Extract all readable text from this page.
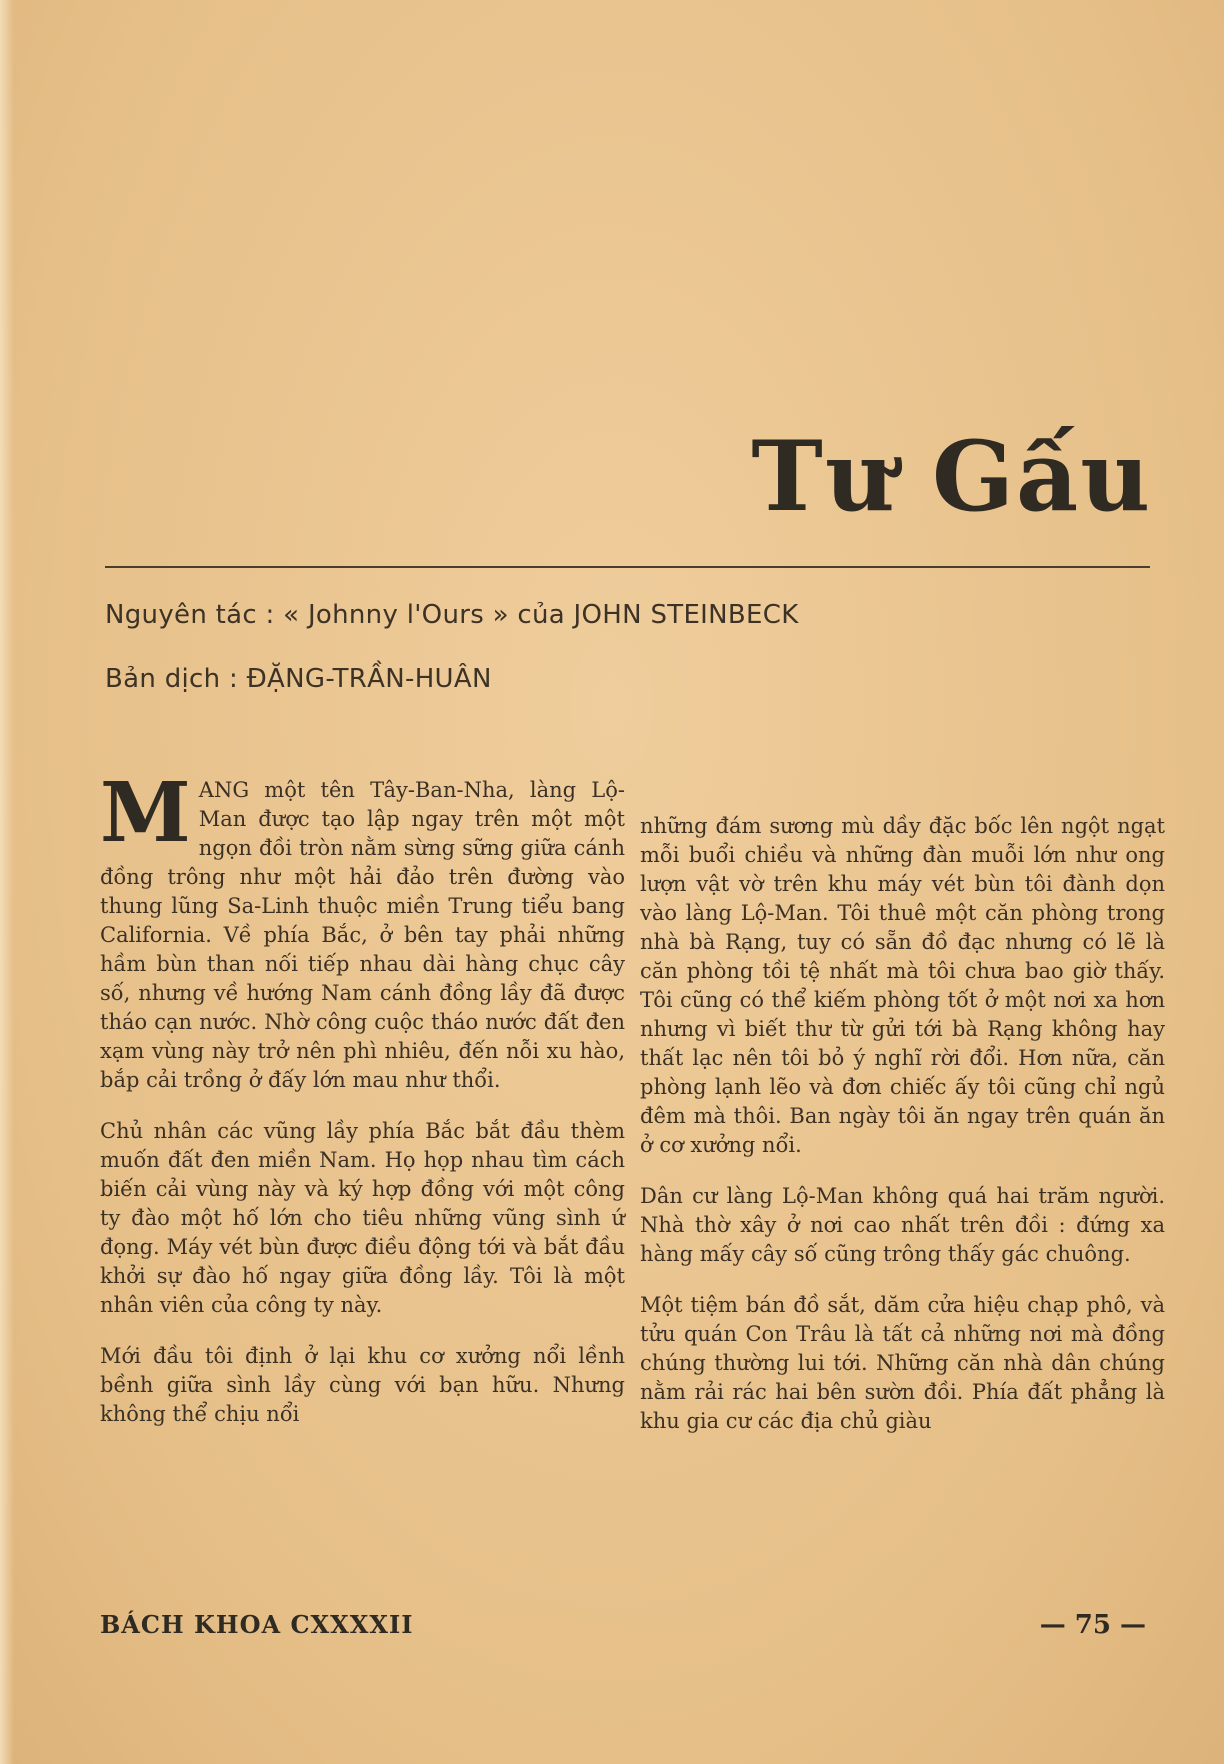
Tư Gấu

Nguyên tác : « Johnny l'Ours » của JOHN STEINBECK

Bản dịch : ĐẶNG-TRẦN-HUÂN

MANG một tên Tây-Ban-Nha, làng Lộ-Man được tạo lập ngay trên một một ngọn đồi tròn nằm sừng sững giữa cánh đồng trông như một hải đảo trên đường vào thung lũng Sa-Linh thuộc miền Trung tiểu bang California. Về phía Bắc, ở bên tay phải những hầm bùn than nối tiếp nhau dài hàng chục cây số, nhưng về hướng Nam cánh đồng lầy đã được tháo cạn nước. Nhờ công cuộc tháo nước đất đen xạm vùng này trở nên phì nhiêu, đến nỗi xu hào, bắp cải trồng ở đấy lớn mau như thổi.

Chủ nhân các vũng lầy phía Bắc bắt đầu thèm muốn đất đen miền Nam. Họ họp nhau tìm cách biến cải vùng này và ký hợp đồng với một công ty đào một hố lớn cho tiêu những vũng sình ứ đọng. Máy vét bùn được điều động tới và bắt đầu khởi sự đào hố ngay giữa đồng lầy. Tôi là một nhân viên của công ty này.

Mới đầu tôi định ở lại khu cơ xưởng nổi lềnh bềnh giữa sình lầy cùng với bạn hữu. Nhưng không thể chịu nổi

những đám sương mù dầy đặc bốc lên ngột ngạt mỗi buổi chiều và những đàn muỗi lớn như ong lượn vật vờ trên khu máy vét bùn tôi đành dọn vào làng Lộ-Man. Tôi thuê một căn phòng trong nhà bà Rạng, tuy có sẵn đồ đạc nhưng có lẽ là căn phòng tồi tệ nhất mà tôi chưa bao giờ thấy. Tôi cũng có thể kiếm phòng tốt ở một nơi xa hơn nhưng vì biết thư từ gửi tới bà Rạng không hay thất lạc nên tôi bỏ ý nghĩ rời đổi. Hơn nữa, căn phòng lạnh lẽo và đơn chiếc ấy tôi cũng chỉ ngủ đêm mà thôi. Ban ngày tôi ăn ngay trên quán ăn ở cơ xưởng nổi.

Dân cư làng Lộ-Man không quá hai trăm người. Nhà thờ xây ở nơi cao nhất trên đồi : đứng xa hàng mấy cây số cũng trông thấy gác chuông.

Một tiệm bán đồ sắt, dăm cửa hiệu chạp phô, và tửu quán Con Trâu là tất cả những nơi mà đồng chúng thường lui tới. Những căn nhà dân chúng nằm rải rác hai bên sườn đồi. Phía đất phẳng là khu gia cư các địa chủ giàu

BÁCH KHOA CXXXXII	— 75 —
